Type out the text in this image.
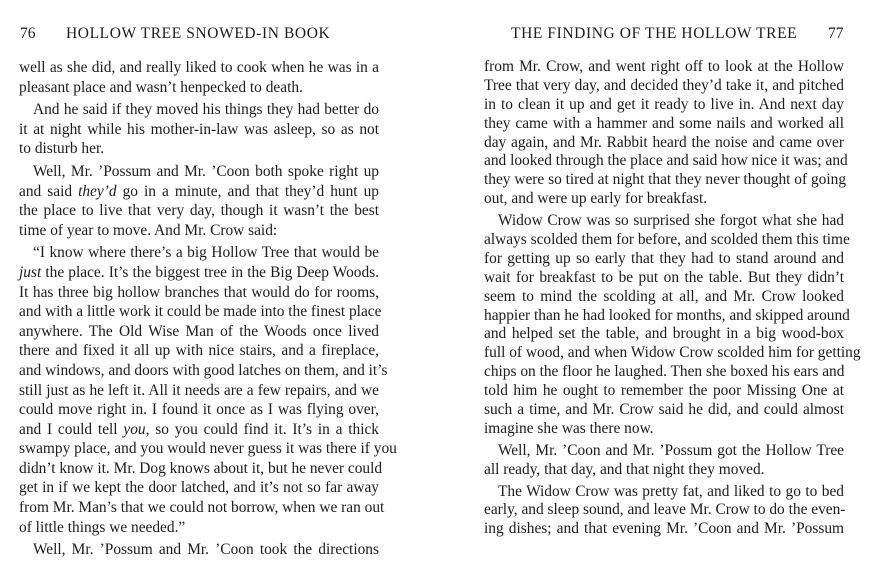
76 HOLLOW TREE SNOWED-IN BOOK
well as she did, and really liked to cook when he was in a
pleasant place and wasn’t henpecked to death.
And he said if they moved his things they had better do
it at night while his mother-in-law was asleep, so as not
to disturb her.
Well, Mr. ’Possum and Mr. ’Coon both spoke right up
and said they’d go in a minute, and that they’d hunt up
the place to live that very day, though it wasn’t the best
time of year to move. And Mr. Crow said:
“I know where there’s a big Hollow Tree that would be
just the place. It’s the biggest tree in the Big Deep Woods.
It has three big hollow branches that would do for rooms,
and with a little work it could be made into the finest place
anywhere. The Old Wise Man of the Woods once lived
there and fixed it all up with nice stairs, and a fireplace,
and windows, and doors with good latches on them, and it’s
still just as he left it. All it needs are a few repairs, and we
could move right in. I found it once as I was flying over,
and I could tell you, so you could find it. It’s in a thick
swampy place, and you would never guess it was there if you
didn’t know it. Mr. Dog knows about it, but he never could
get in if we kept the door latched, and it’s not so far away
from Mr. Man’s that we could not borrow, when we ran out
of little things we needed.”
Well, Mr. ’Possum and Mr. ’Coon took the directions
THE FINDING OF THE HOLLOW TREE 77
from Mr. Crow, and went right off to look at the Hollow
Tree that very day, and decided they’d take it, and pitched
in to clean it up and get it ready to live in. And next day
they came with a hammer and some nails and worked all
day again, and Mr. Rabbit heard the noise and came over
and looked through the place and said how nice it was; and
they were so tired at night that they never thought of going
out, and were up early for breakfast.
Widow Crow was so surprised she forgot what she had
always scolded them for before, and scolded them this time
for getting up so early that they had to stand around and
wait for breakfast to be put on the table. But they didn’t
seem to mind the scolding at all, and Mr. Crow looked
happier than he had looked for months, and skipped around
and helped set the table, and brought in a big wood-box
full of wood, and when Widow Crow scolded him for getting
chips on the floor he laughed. Then she boxed his ears and
told him he ought to remember the poor Missing One at
such a time, and Mr. Crow said he did, and could almost
imagine she was there now.
Well, Mr. ’Coon and Mr. ’Possum got the Hollow Tree
all ready, that day, and that night they moved.
The Widow Crow was pretty fat, and liked to go to bed
early, and sleep sound, and leave Mr. Crow to do the even-
ing dishes; and that evening Mr. ’Coon and Mr. ’Possum
